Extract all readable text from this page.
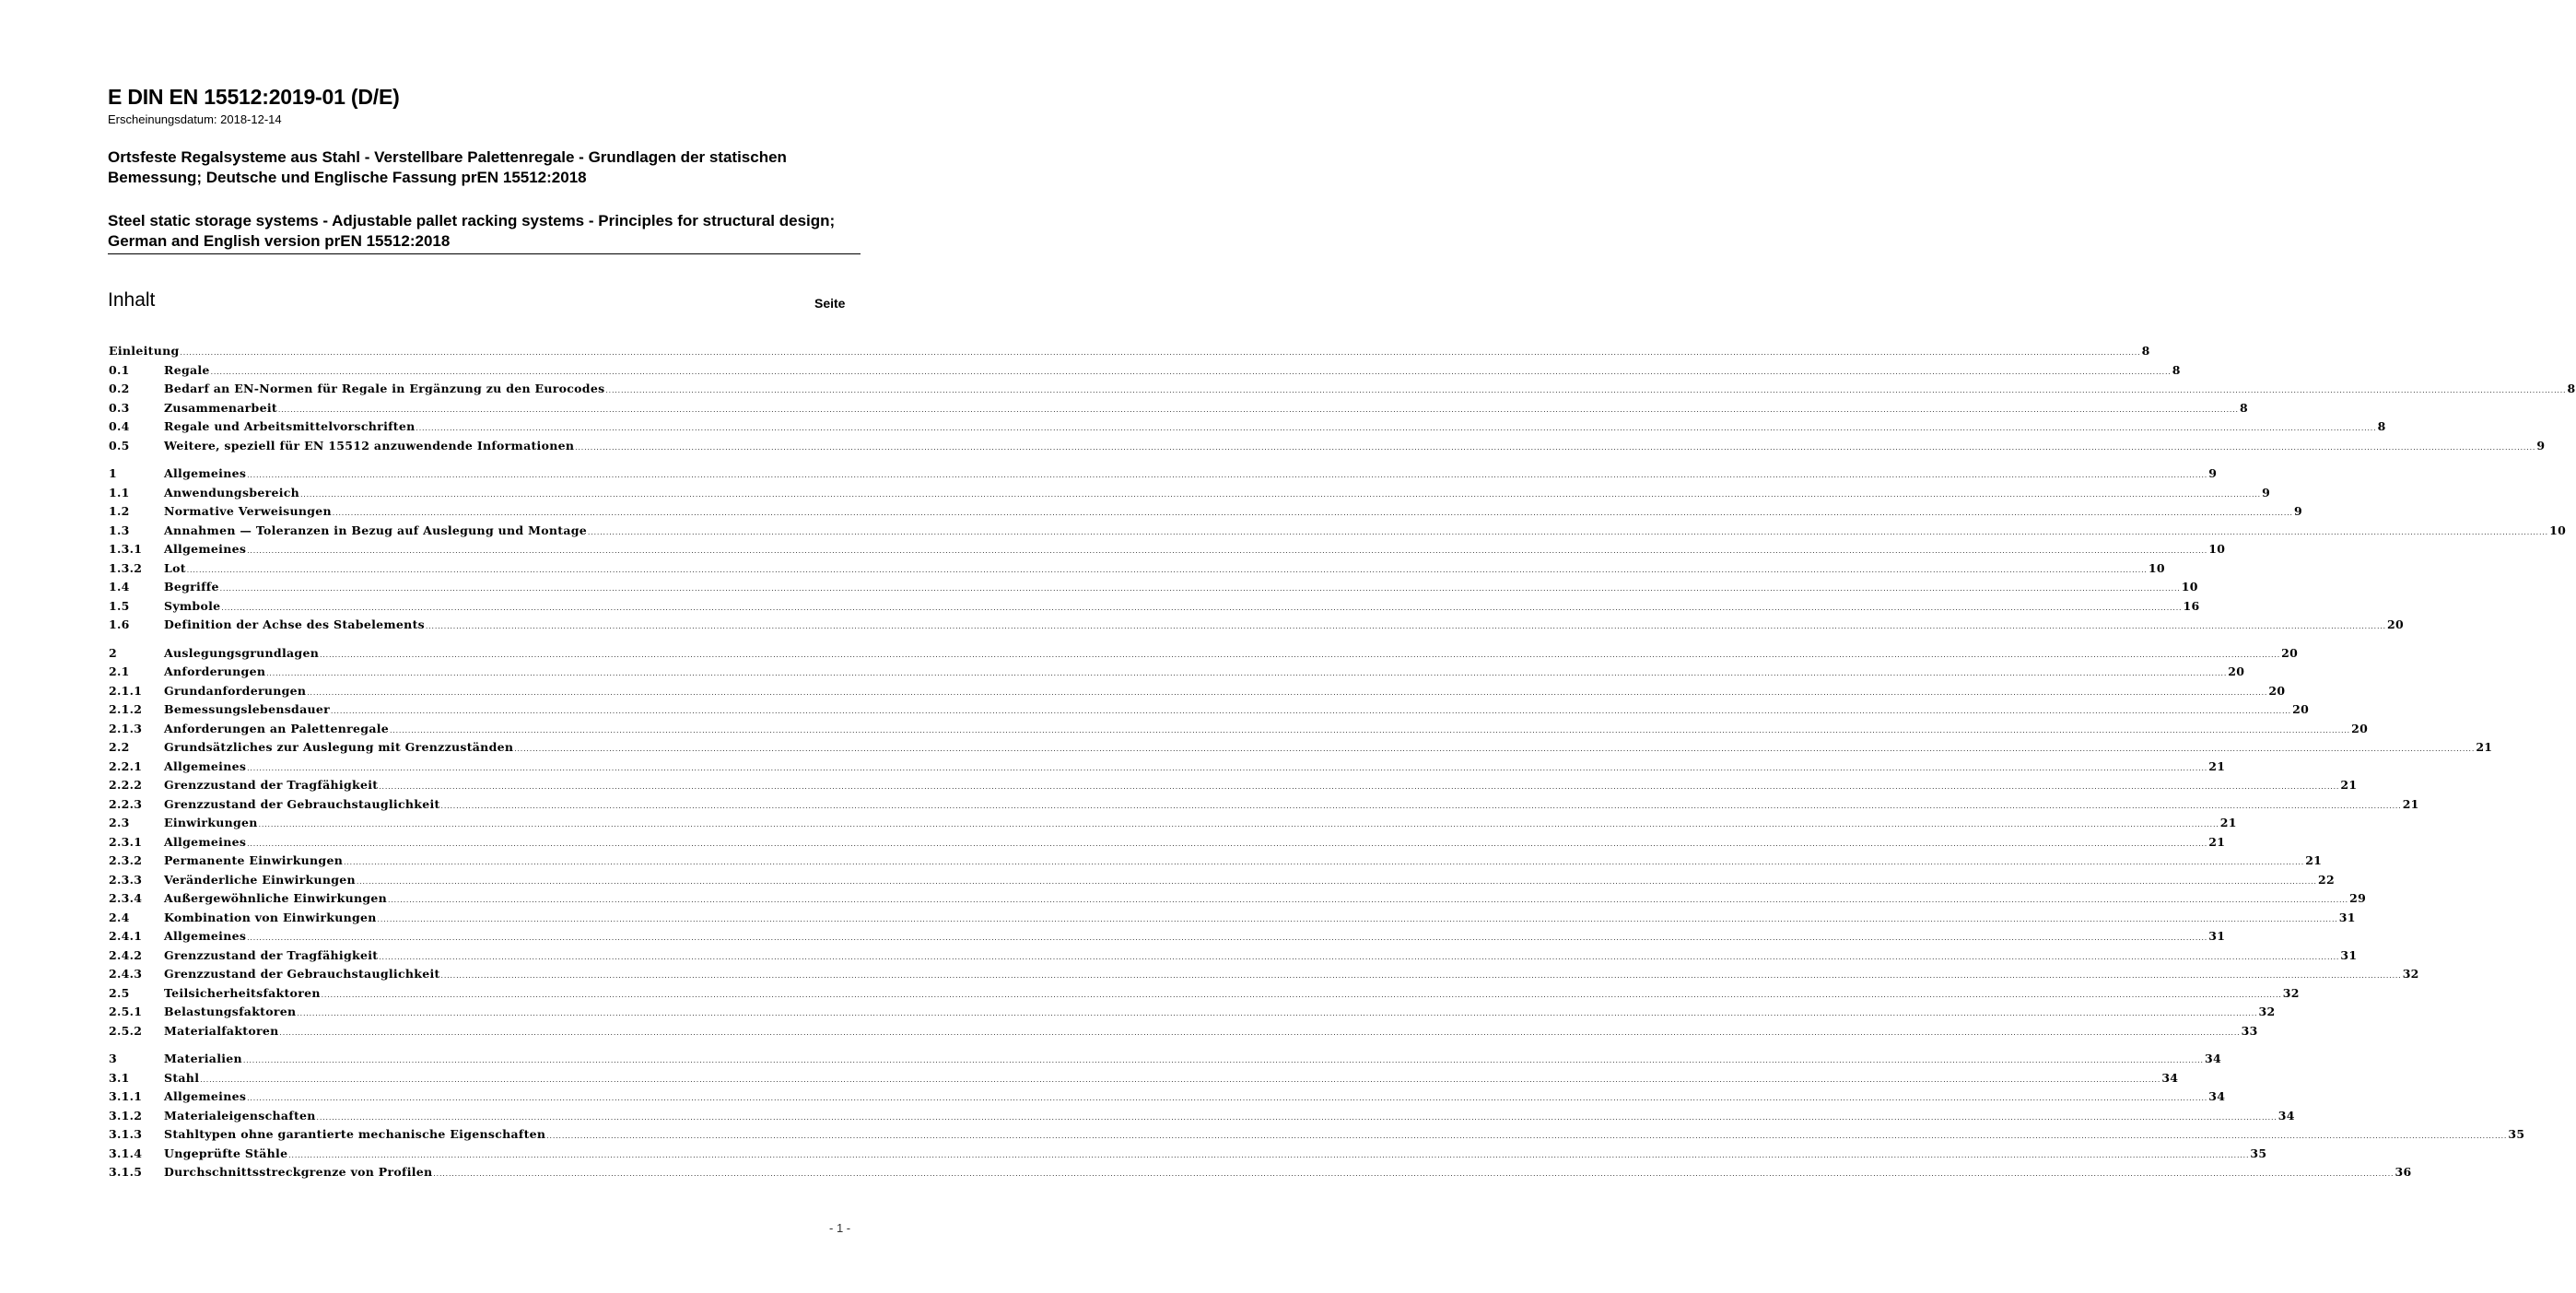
E DIN EN 15512:2019-01 (D/E)
Erscheinungsdatum: 2018-12-14
Ortsfeste Regalsysteme aus Stahl - Verstellbare Palettenregale - Grundlagen der statischen Bemessung; Deutsche und Englische Fassung prEN 15512:2018
Steel static storage systems - Adjustable pallet racking systems - Principles for structural design; German and English version prEN 15512:2018
Inhalt	Seite
Einleitung .....	8
0.1	Regale .....	8
0.2	Bedarf an EN-Normen für Regale in Ergänzung zu den Eurocodes .....	8
0.3	Zusammenarbeit .....	8
0.4	Regale und Arbeitsmittelvorschriften .....	8
0.5	Weitere, speziell für EN 15512 anzuwendende Informationen .....	9
1	Allgemeines .....	9
1.1	Anwendungsbereich .....	9
1.2	Normative Verweisungen .....	9
1.3	Annahmen — Toleranzen in Bezug auf Auslegung und Montage .....	10
1.3.1	Allgemeines .....	10
1.3.2	Lot .....	10
1.4	Begriffe .....	10
1.5	Symbole .....	16
1.6	Definition der Achse des Stabelements .....	20
2	Auslegungsgrundlagen .....	20
2.1	Anforderungen .....	20
2.1.1	Grundanforderungen .....	20
2.1.2	Bemessungslebensdauer .....	20
2.1.3	Anforderungen an Palettenregale .....	20
2.2	Grundsätzliches zur Auslegung mit Grenzzuständen .....	21
2.2.1	Allgemeines .....	21
2.2.2	Grenzzustand der Tragfähigkeit .....	21
2.2.3	Grenzzustand der Gebrauchstauglichkeit .....	21
2.3	Einwirkungen .....	21
2.3.1	Allgemeines .....	21
2.3.2	Permanente Einwirkungen .....	21
2.3.3	Veränderliche Einwirkungen .....	22
2.3.4	Außergewöhnliche Einwirkungen .....	29
2.4	Kombination von Einwirkungen .....	31
2.4.1	Allgemeines .....	31
2.4.2	Grenzzustand der Tragfähigkeit .....	31
2.4.3	Grenzzustand der Gebrauchstauglichkeit .....	32
2.5	Teilsicherheitsfaktoren .....	32
2.5.1	Belastungsfaktoren .....	32
2.5.2	Materialfaktoren .....	33
3	Materialien .....	34
3.1	Stahl .....	34
3.1.1	Allgemeines .....	34
3.1.2	Materialeigenschaften .....	34
3.1.3	Stahltypen ohne garantierte mechanische Eigenschaften .....	35
3.1.4	Ungeprüfte Stähle .....	35
3.1.5	Durchschnittsstreckgrenze von Profilen .....	36
- 1 -
